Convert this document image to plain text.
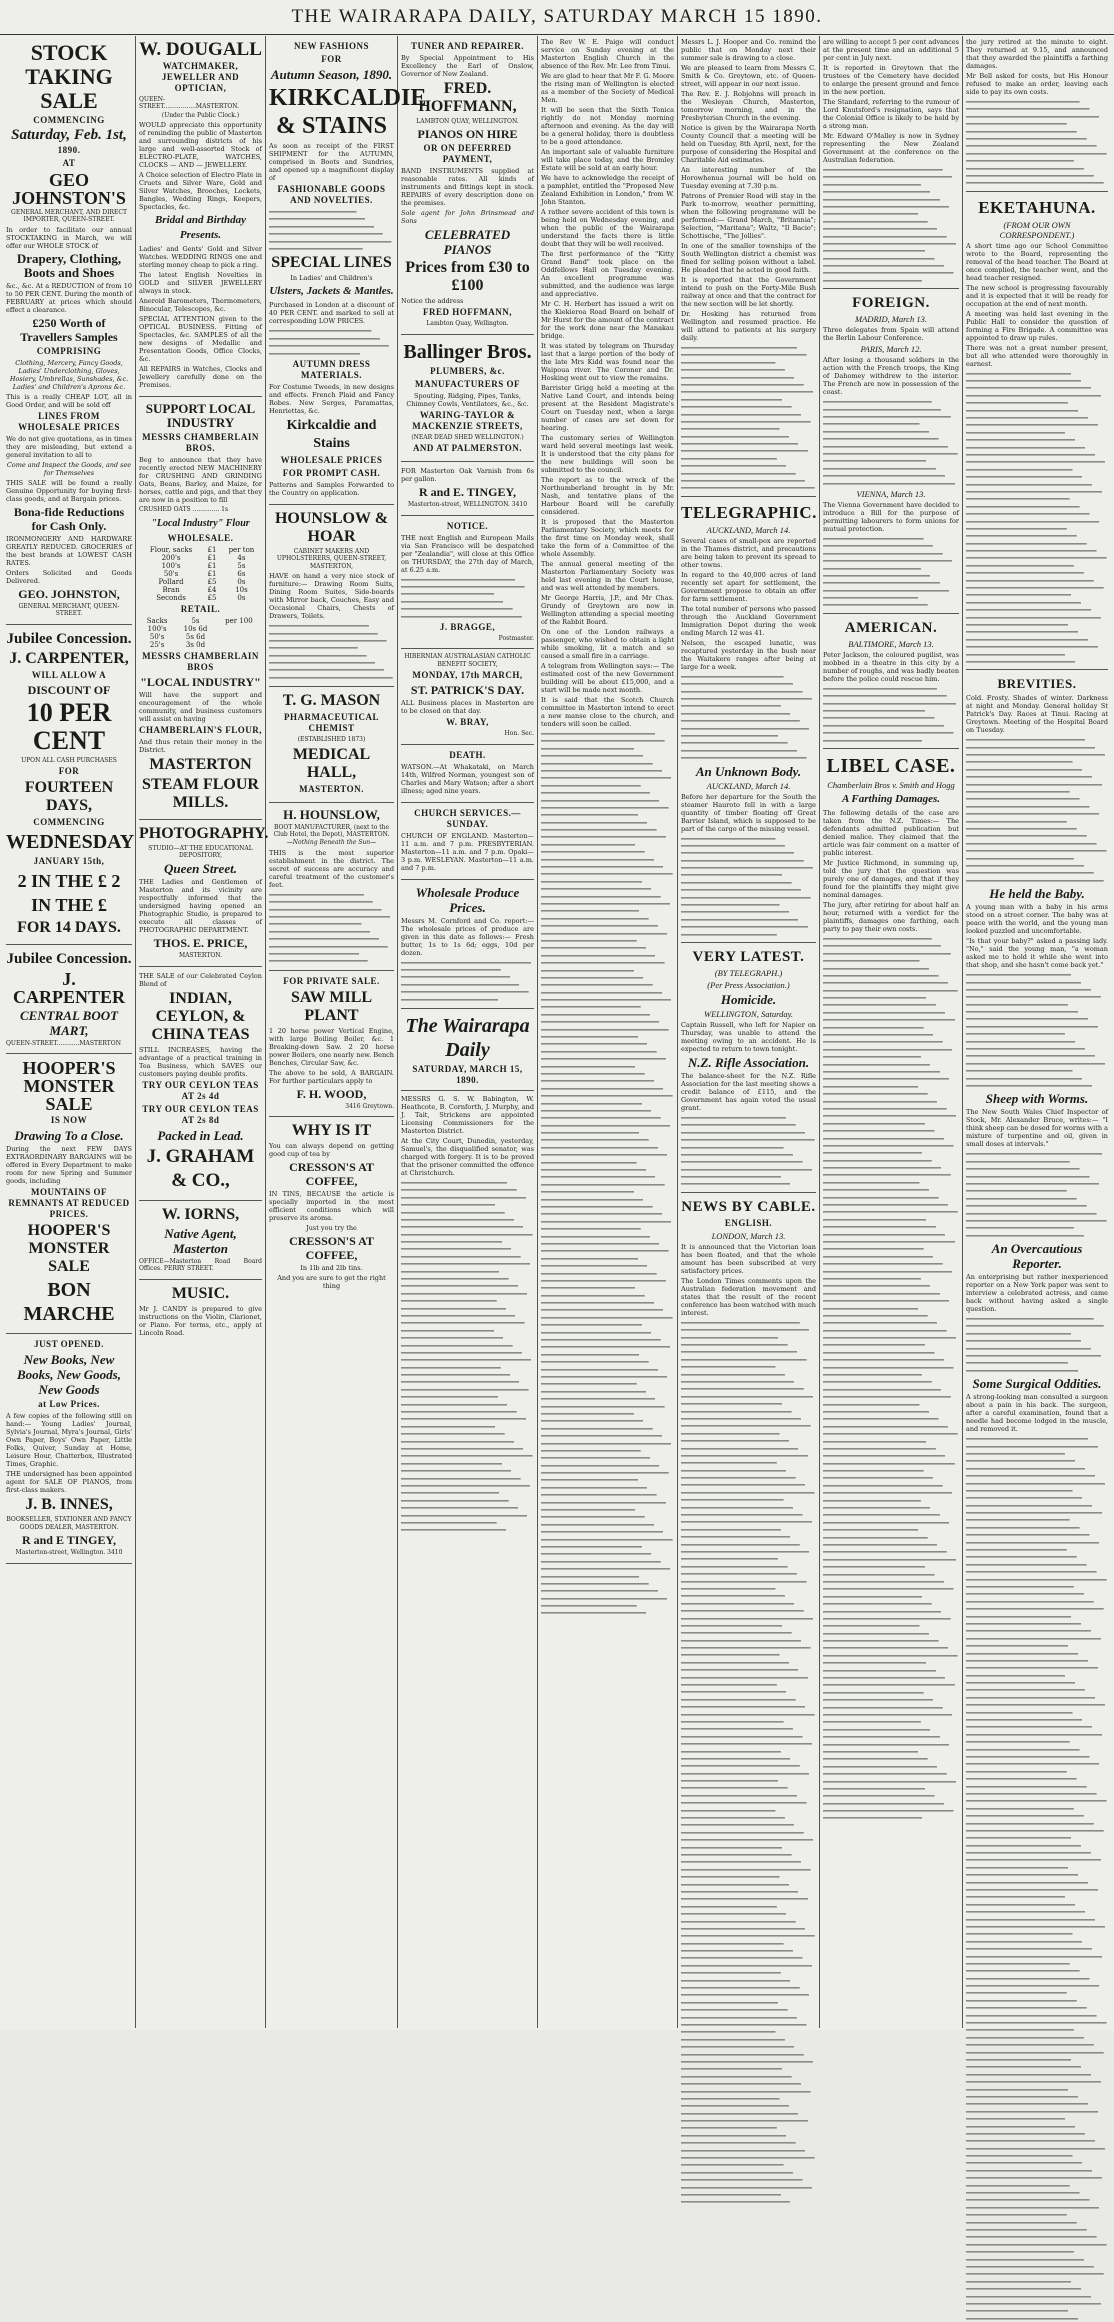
THE WAIRARAPA DAILY, SATURDAY MARCH 15 1890.
STOCK TAKING SALE
COMMENCING
Saturday, Feb. 1st,
1890.
AT
GEO JOHNSTON'S
GENERAL MERCHANT, AND DIRECT IMPORTER, QUEEN-STREET.
In order to facilitate our annual STOCKTAKING in March, we will offer our WHOLE STOCK of
Drapery, Clothing, Boots and Shoes
&c., &c. At a REDUCTION of from 10 to 50 PER CENT. During the month of FEBRUARY at prices which should effect a clearance.
£250 Worth of Travellers Samples
COMPRISING
Clothing, Mercery, Fancy Goods, Ladies' Underclothing, Gloves, Hosiery, Umbrellas, Sunshades, &c. Ladies' and Children's Aprons &c.
This is a really CHEAP LOT, all in Good Order, and will be sold off
LINES FROM WHOLESALE PRICES
We do not give quotations, as in times they are misleading, but extend a general invitation to all to
Come and Inspect the Goods, and see for Themselves
THIS SALE will be found a really Genuine Opportunity for buying first-class goods, and at Bargain prices.
Bona-fide Reductions for Cash Only.
IRONMONGERY AND HARDWARE GREATLY REDUCED. GROCERIES of the best brands at LOWEST CASH RATES.
Orders Solicited and Goods Delivered.
GEO. JOHNSTON,
GENERAL MERCHANT, QUEEN-STREET.
Jubilee Concession.
J. CARPENTER,
WILL ALLOW A
DISCOUNT OF
10 PER CENT
UPON ALL CASH PURCHASES
FOR
FOURTEEN DAYS,
COMMENCING
WEDNESDAY
JANUARY 15th,
2 IN THE £ 2 IN THE £
FOR 14 DAYS.
Jubilee Concession.
J. CARPENTER
CENTRAL BOOT MART,
QUEEN-STREET............MASTERTON
HOOPER'S MONSTER SALE
IS NOW
Drawing To a Close.
During the next FEW DAYS EXTRAORDINARY BARGAINS will be offered in Every Department to make room for new Spring and Summer goods, including
MOUNTAINS OF REMNANTS AT REDUCED PRICES.
HOOPER'S MONSTER SALE
BON MARCHE
JUST OPENED.
New Books, New Books, New Goods, New Goods
at Low Prices.
A few copies of the following still on hand:— Young Ladies' Journal, Sylvia's Journal, Myra's Journal, Girls' Own Paper, Boys' Own Paper, Little Folks, Quiver, Sunday at Home, Leisure Hour, Chatterbox, Illustrated Times, Graphic.
THE undersigned has been appointed agent for SALE OF PIANOS, from first-class makers.
J. B. INNES,
BOOKSELLER, STATIONER AND FANCY GOODS DEALER, MASTERTON.
R and E TINGEY,
Masterton-street, Wellington. 3410
W. DOUGALL
WATCHMAKER, JEWELLER AND OPTICIAN,
QUEEN-STREET.................MASTERTON.
(Under the Public Clock.)
WOULD appreciate this opportunity of reminding the public of Masterton and surrounding districts of his large and well-assorted Stock of ELECTRO-PLATE, WATCHES, CLOCKS — AND — JEWELLERY.
A Choice selection of Electro Plate in Cruets and Silver Ware, Gold and Silver Watches, Brooches, Lockets, Bangles, Wedding Rings, Keepers, Spectacles, &c.
Bridal and Birthday Presents.
Ladies' and Gents' Gold and Silver Watches. WEDDING RINGS one and sterling money cheap to pick a ring.
The latest English Novelties in GOLD and SILVER JEWELLERY always in stock.
Aneroid Barometers, Thermometers, Binocular, Telescopes, &c.
SPECIAL ATTENTION given to the OPTICAL BUSINESS. Fitting of Spectacles, &c. SAMPLES of all the new designs of Medallic and Presentation Goods, Office Clocks, &c.
All REPAIRS in Watches, Clocks and Jewellery carefully done on the Premises.
SUPPORT LOCAL INDUSTRY
MESSRS CHAMBERLAIN BROS.
Beg to announce that they have recently erected NEW MACHINERY for CRUSHING AND GRINDING Oats, Beans, Barley, and Maize, for horses, cattle and pigs, and that they are now in a position to fill
CRUSHED OATS .............. 1s
"Local Industry" Flour
WHOLESALE.
Flour, sacks	£1	per ton
200's	£1	4s
100's	£1	5s
50's	£1	6s
Pollard	£5	0s
Bran	£4	10s
Seconds	£5	0s
RETAIL.
Sacks	5s	per 100
100's	10s 6d	
50's	5s 6d	
25's	3s 0d	
MESSRS CHAMBERLAIN BROS
"LOCAL INDUSTRY"
Will have the support and encouragement of the whole community, and business customers will assist on having
CHAMBERLAIN'S FLOUR,
And thus retain their money in the District.
MASTERTON
STEAM FLOUR MILLS.
PHOTOGRAPHY.
STUDIO—AT THE EDUCATIONAL DEPOSITORY,
Queen Street.
THE Ladies and Gentlemen of Masterton and its vicinity are respectfully informed that the undersigned having opened an Photographic Studio, is prepared to execute all classes of PHOTOGRAPHIC DEPARTMENT.
THOS. E. PRICE,
MASTERTON.
THE SALE of our Celebrated Ceylon Blend of
INDIAN, CEYLON, & CHINA TEAS
STILL INCREASES, having the advantage of a practical training in Tea Business, which SAVES our customers paying double profits.
TRY OUR CEYLON TEAS AT 2s 4d
TRY OUR CEYLON TEAS AT 2s 8d
Packed in Lead.
J. GRAHAM & CO.,
W. IORNS,
Native Agent, Masterton
OFFICE—Masterton Road Board Offices. PERRY STREET.
MUSIC.
Mr J. CANDY is prepared to give instructions on the Violin, Clarionet, or Piano. For terms, etc., apply at Lincoln Road.
NEW FASHIONS
FOR
Autumn Season, 1890.
KIRKCALDIE & STAINS
As soon as receipt of the FIRST SHIPMENT for the AUTUMN, comprised in Boots and Sundries, and opened up a magnificent display of
FASHIONABLE GOODS AND NOVELTIES.
SPECIAL LINES
In Ladies' and Children's
Ulsters, Jackets & Mantles.
Purchased in London at a discount of 40 PER CENT. and marked to sell at corresponding LOW PRICES.
AUTUMN DRESS MATERIALS.
For Costume Tweeds, in new designs and effects. French Plaid and Fancy Robes. New Serges, Paramattas, Henriettas, &c.
Kirkcaldie and Stains
WHOLESALE PRICES
FOR PROMPT CASH.
Patterns and Samples Forwarded to the Country on application.
HOUNSLOW & HOAR
CABINET MAKERS AND UPHOLSTERERS, QUEEN-STREET, MASTERTON,
HAVE on hand a very nice stock of furniture:— Drawing Room Suits, Dining Room Suites, Side-boards with Mirror back, Couches, Easy and Occasional Chairs, Chests of Drawers, Toilets.
T. G. MASON
PHARMACEUTICAL CHEMIST
(ESTABLISHED 1873)
MEDICAL HALL,
MASTERTON.
H. HOUNSLOW,
BOOT MANUFACTURER, (next to the Club Hotel, the Depot), MASTERTON.
—Nothing Beneath the Sun—
THIS is the most superior establishment in the district. The secret of success are accuracy and careful treatment of the customer's feet.
FOR PRIVATE SALE.
SAW MILL PLANT
1 20 horse power Vertical Engine, with large Boiling Boiler, &c. 1 Breaking-down Saw. 2 20 horse power Boilers, one nearly new. Bench Benches, Circular Saw, &c.
The above to be sold, A BARGAIN. For further particulars apply to
F. H. WOOD,
3416 Greytown.
WHY IS IT
You can always depend on getting good cup of tea by
CRESSON'S AT COFFEE,
IN TINS, BECAUSE the article is specially imported in the most efficient conditions which will preserve its aroma.
Just you try the
CRESSON'S AT COFFEE,
In 1lb and 2lb tins.
And you are sure to get the right thing
TUNER AND REPAIRER.
By Special Appointment to His Excellency the Earl of Onslow, Governor of New Zealand.
FRED. HOFFMANN,
LAMBTON QUAY, WELLINGTON.
PIANOS ON HIRE
OR ON DEFERRED PAYMENT,
BAND INSTRUMENTS supplied at reasonable rates. All kinds of instruments and fittings kept in stock. REPAIRS of every description done on the premises.
Sole agent for John Brinsmead and Sons
CELEBRATED PIANOS
Prices from £30 to £100
Notice the address
FRED HOFFMANN,
Lambton Quay, Wellington.
Ballinger Bros.
PLUMBERS, &c.
MANUFACTURERS OF
Spouting, Ridging, Pipes, Tanks, Chimney Cowls, Ventilators, &c., &c.
WARING-TAYLOR & MACKENZIE STREETS,
(NEAR DEAD SHED WELLINGTON.)
AND AT PALMERSTON.
FOR Masterton Oak Varnish from 6s per gallon.
R and E. TINGEY,
Masterton-street, WELLINGTON. 3410
NOTICE.
THE next English and European Mails via San Francisco will be despatched per "Zealandia", will close at this Office on THURSDAY, the 27th day of March, at 6.25 a.m.
J. BRAGGE,
Postmaster.
HIBERNIAN AUSTRALASIAN CATHOLIC BENEFIT SOCIETY,
MONDAY, 17th MARCH,
ST. PATRICK'S DAY.
ALL Business places in Masterton are to be closed on that day.
W. BRAY,
Hon. Sec.
DEATH.
WATSON.—At Whakataki, on March 14th, Wilfred Norman, youngest son of Charles and Mary Watson; after a short illness; aged nine years.
CHURCH SERVICES.—SUNDAY.
CHURCH OF ENGLAND. Masterton—11 a.m. and 7 p.m. PRESBYTERIAN. Masterton—11 a.m. and 7 p.m. Opaki—3 p.m. WESLEYAN. Masterton—11 a.m. and 7 p.m.
Wholesale Produce Prices.
Messrs M. Cornford and Co. report:— The wholesale prices of produce are given in this date as follows:— Fresh butter, 1s to 1s 6d; eggs, 10d per dozen.
The Wairarapa Daily
SATURDAY, MARCH 15, 1890.
MESSRS G. S. W. Babington, W. Heathcote, B. Cornforth, J. Murphy, and J. Tait, Strickens are appointed Licensing Commissioners for the Masterton District.
At the City Court, Dunedin, yesterday, Samuel's, the disqualified senator, was charged with forgery. It is to be proved that the prisoner committed the offence at Christchurch.
The Rev W. E. Paige will conduct service on Sunday evening at the Masterton English Church in the absence of the Rev. Mr. Lee from Tinui.
We are glad to hear that Mr F. G. Moore the rising man of Wellington is elected as a member of the Society of Medical Men.
It will be seen that the Sixth Tonica rightly do not Monday morning afternoon and evening. As the day will be a general holiday, there is doubtless to be a good attendance.
An important sale of valuable furniture will take place today, and the Bromley Estate will be sold at an early hour.
We have to acknowledge the receipt of a pamphlet, entitled the "Proposed New Zealand Exhibition in London," from W. John Stanton.
A rather severe accident of this town is being held on Wednesday evening, and when the public of the Wairarapa understand the facts there is little doubt that they will be well received.
The first performance of the "Kitty Grand Band" took place on the Oddfellows Hall on Tuesday evening. An excellent programme was submitted, and the audience was large and appreciative.
Mr C. H. Herbert has issued a writ on the Kiekieroa Road Board on behalf of Mr Hurst for the amount of the contract for the work done near the Manakau bridge.
It was stated by telegram on Thursday last that a large portion of the body of the late Mrs Kidd was found near the Waipoua river. The Coroner and Dr. Hosking went out to view the remains.
Barrister Grigg held a meeting at the Native Land Court, and intends being present at the Resident Magistrate's Court on Tuesday next, when a large number of cases are set down for hearing.
The customary series of Wellington ward held several meetings last week. It is understood that the city plans for the new buildings will soon be submitted to the council.
The report as to the wreck of the Northumberland brought in by Mr. Nash, and tentative plans of the Harbour Board will be carefully considered.
It is proposed that the Masterton Parliamentary Society, which meets for the first time on Monday week, shall take the form of a Committee of the whole Assembly.
The annual general meeting of the Masterton Parliamentary Society was held last evening in the Court house, and was well attended by members.
Mr George Harris, J.P., and Mr Chas. Grundy of Greytown are now in Wellington attending a special meeting of the Rabbit Board.
On one of the London railways a passenger, who wished to obtain a light while smoking, lit a match and so caused a small fire in a carriage.
A telegram from Wellington says:— The estimated cost of the new Government building will be about £15,000, and a start will be made next month.
It is said that the Scotch Church committee in Masterton intend to erect a new manse close to the church, and tenders will soon be called.
Messrs L. J. Hooper and Co. remind the public that on Monday next their summer sale is drawing to a close.
We are pleased to learn from Messrs C. Smith & Co. Greytown, etc. of Queen-street, will appear in our next issue.
The Rev. E. J. Robjohns will preach in the Wesleyan Church, Masterton, tomorrow morning, and in the Presbyterian Church in the evening.
Notice is given by the Wairarapa North County Council that a meeting will be held on Tuesday, 8th April, next, for the purpose of considering the Hospital and Charitable Aid estimates.
An interesting number of the Horowhenua journal will be held on Tuesday evening at 7.30 p.m.
Patrons of Premier Road will stay in the Park to-morrow, weather permitting, when the following programme will be performed:— Grand March, "Britannia"; Selection, "Maritana"; Waltz, "Il Bacio"; Schottische, "The Jollies".
In one of the smaller townships of the South Wellington district a chemist was fined for selling poison without a label. He pleaded that he acted in good faith.
It is reported that the Government intend to push on the Forty-Mile Bush railway at once and that the contract for the new section will be let shortly.
Dr. Hosking has returned from Wellington and resumed practice. He will attend to patients at his surgery daily.
TELEGRAPHIC.
AUCKLAND, March 14.
Several cases of small-pox are reported in the Thames district, and precautions are being taken to prevent its spread to other towns.
In regard to the 40,000 acres of land recently set apart for settlement, the Government propose to obtain an offer for farm settlement.
The total number of persons who passed through the Auckland Government Immigration Depot during the week ending March 12 was 41.
Nelson, the escaped lunatic, was recaptured yesterday in the bush near the Waitakere ranges after being at large for a week.
An Unknown Body.
AUCKLAND, March 14.
Before her departure for the South the steamer Hauroto fell in with a large quantity of timber floating off Great Barrier Island, which is supposed to be part of the cargo of the missing vessel.
VERY LATEST.
(BY TELEGRAPH.)
(Per Press Association.)
Homicide.
WELLINGTON, Saturday.
Captain Russell, who left for Napier on Thursday, was unable to attend the meeting owing to an accident. He is expected to return to town tonight.
N.Z. Rifle Association.
The balance-sheet for the N.Z. Rifle Association for the last meeting shows a credit balance of £115, and the Government has again voted the usual grant.
NEWS BY CABLE.
ENGLISH.
LONDON, March 13.
It is announced that the Victorian loan has been floated, and that the whole amount has been subscribed at very satisfactory prices.
The London Times comments upon the Australian federation movement and states that the result of the recent conference has been watched with much interest.
are willing to accept 5 per cent advances at the present time and an additional 5 per cent in July next.
It is reported in Greytown that the trustees of the Cemetery have decided to enlarge the present ground and fence in the new portion.
The Standard, referring to the rumour of Lord Knutsford's resignation, says that the Colonial Office is likely to be held by a strong man.
Mr. Edward O'Malley is now in Sydney representing the New Zealand Government at the conference on the Australian federation.
FOREIGN.
MADRID, March 13.
Three delegates from Spain will attend the Berlin Labour Conference.
PARIS, March 12.
After losing a thousand soldiers in the action with the French troops, the King of Dahomey withdrew to the interior. The French are now in possession of the coast.
VIENNA, March 13.
The Vienna Government have decided to introduce a Bill for the purpose of permitting labourers to form unions for mutual protection.
AMERICAN.
BALTIMORE, March 13.
Peter Jackson, the coloured pugilist, was mobbed in a theatre in this city by a number of roughs, and was badly beaten before the police could rescue him.
LIBEL CASE.
Chamberlain Bros v. Smith and Hogg
A Farthing Damages.
The following details of the case are taken from the N.Z. Times:— The defendants admitted publication but denied malice. They claimed that the article was fair comment on a matter of public interest.
Mr Justice Richmond, in summing up, told the jury that the question was purely one of damages, and that if they found for the plaintiffs they might give nominal damages.
The jury, after retiring for about half an hour, returned with a verdict for the plaintiffs, damages one farthing, each party to pay their own costs.
the jury retired at the minute to eight. They returned at 9.15, and announced that they awarded the plaintiffs a farthing damages.
Mr Bell asked for costs, but His Honour refused to make an order, leaving each side to pay its own costs.
EKETAHUNA.
(FROM OUR OWN CORRESPONDENT.)
A short time ago our School Committee wrote to the Board, representing the removal of the head teacher. The Board at once complied, the teacher went, and the head teacher resigned.
The new school is progressing favourably and it is expected that it will be ready for occupation at the end of next month.
A meeting was held last evening in the Public Hall to consider the question of forming a Fire Brigade. A committee was appointed to draw up rules.
There was not a great number present, but all who attended were thoroughly in earnest.
BREVITIES.
Cold. Frosty. Shades of winter. Darkness at night and Monday. General holiday St Patrick's Day. Races at Tinui. Racing at Greytown. Meeting of the Hospital Board on Tuesday.
He held the Baby.
A young man with a baby in his arms stood on a street corner. The baby was at peace with the world, and the young man looked puzzled and uncomfortable.
"Is that your baby?" asked a passing lady. "No," said the young man, "a woman asked me to hold it while she went into that shop, and she hasn't come back yet."
Sheep with Worms.
The New South Wales Chief Inspector of Stock, Mr. Alexander Bruce, writes:— "I think sheep can be dosed for worms with a mixture of turpentine and oil, given in small doses at intervals."
An Overcautious Reporter.
An enterprising but rather inexperienced reporter on a New York paper was sent to interview a celebrated actress, and came back without having asked a single question.
Some Surgical Oddities.
A strong-looking man consulted a surgeon about a pain in his back. The surgeon, after a careful examination, found that a needle had become lodged in the muscle, and removed it.
